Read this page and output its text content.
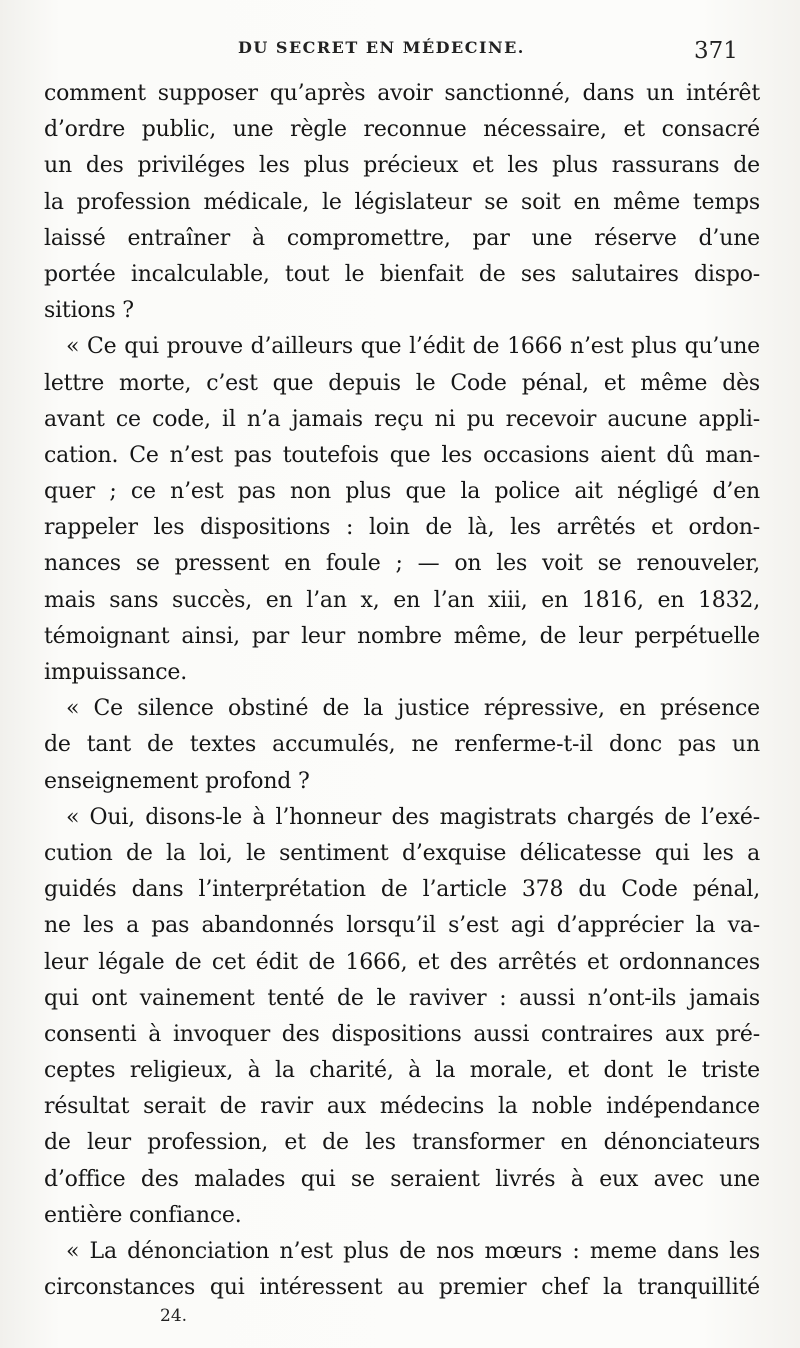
DU SECRET EN MÉDECINE.	371
comment supposer qu’après avoir sanctionné, dans un intérêt
d’ordre public, une règle reconnue nécessaire, et consacré
un des priviléges les plus précieux et les plus rassurans de
la profession médicale, le législateur se soit en même temps
laissé entraîner à compromettre, par une réserve d’une
portée incalculable, tout le bienfait de ses salutaires dispo-
sitions ?
« Ce qui prouve d’ailleurs que l’édit de 1666 n’est plus qu’une
lettre morte, c’est que depuis le Code pénal, et même dès
avant ce code, il n’a jamais reçu ni pu recevoir aucune appli-
cation. Ce n’est pas toutefois que les occasions aient dû man-
quer ; ce n’est pas non plus que la police ait négligé d’en
rappeler les dispositions : loin de là, les arrêtés et ordon-
nances se pressent en foule ; — on les voit se renouveler,
mais sans succès, en l’an x, en l’an xiii, en 1816, en 1832,
témoignant ainsi, par leur nombre même, de leur perpétuelle
impuissance.
« Ce silence obstiné de la justice répressive, en présence
de tant de textes accumulés, ne renferme-t-il donc pas un
enseignement profond ?
« Oui, disons-le à l’honneur des magistrats chargés de l’exé-
cution de la loi, le sentiment d’exquise délicatesse qui les a
guidés dans l’interprétation de l’article 378 du Code pénal,
ne les a pas abandonnés lorsqu’il s’est agi d’apprécier la va-
leur légale de cet édit de 1666, et des arrêtés et ordonnances
qui ont vainement tenté de le raviver : aussi n’ont-ils jamais
consenti à invoquer des dispositions aussi contraires aux pré-
ceptes religieux, à la charité, à la morale, et dont le triste
résultat serait de ravir aux médecins la noble indépendance
de leur profession, et de les transformer en dénonciateurs
d’office des malades qui se seraient livrés à eux avec une
entière confiance.
« La dénonciation n’est plus de nos mœurs : meme dans les
circonstances qui intéressent au premier chef la tranquillité
24.
